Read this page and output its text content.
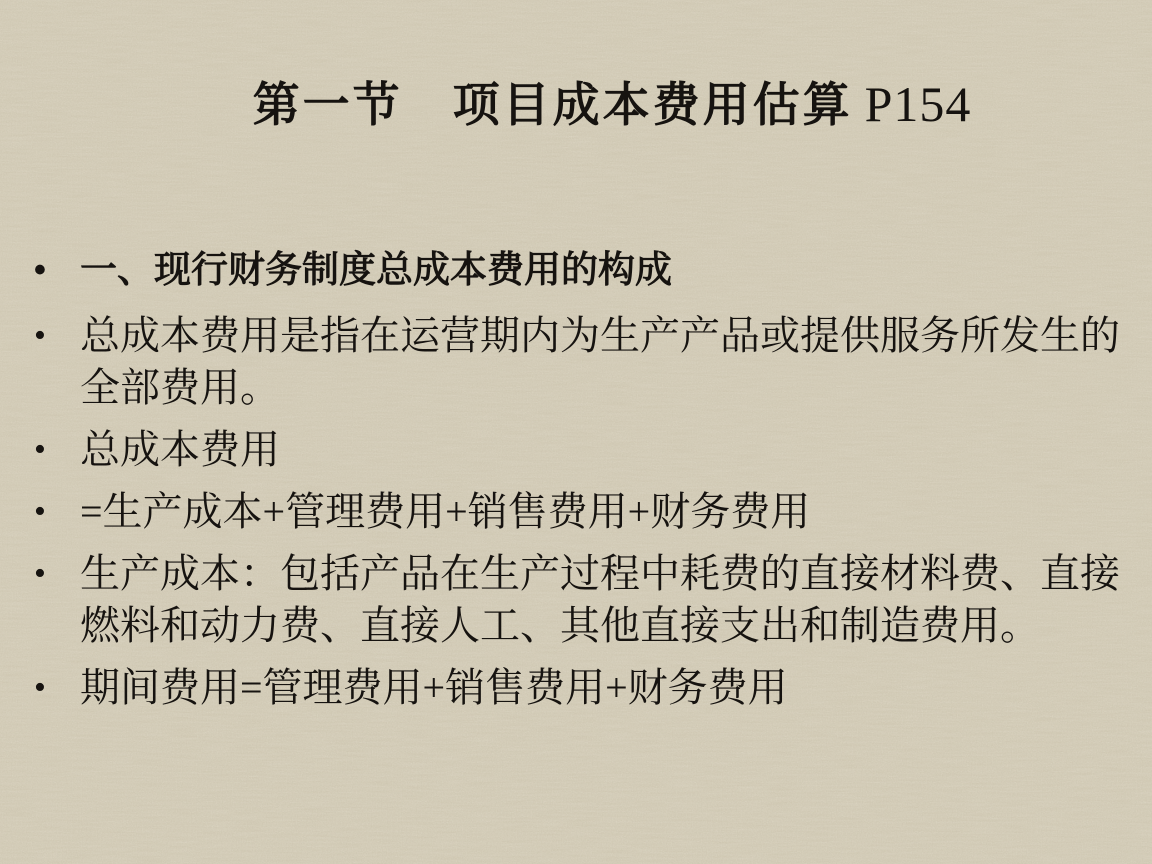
第一节　项目成本费用估算 P154
• 一、现行财务制度总成本费用的构成
• 总成本费用是指在运营期内为生产产品或提供服务所发生的全部费用。
• 总成本费用
• =生产成本+管理费用+销售费用+财务费用
• 生产成本：包括产品在生产过程中耗费的直接材料费、直接燃料和动力费、直接人工、其他直接支出和制造费用。
• 期间费用=管理费用+销售费用+财务费用
